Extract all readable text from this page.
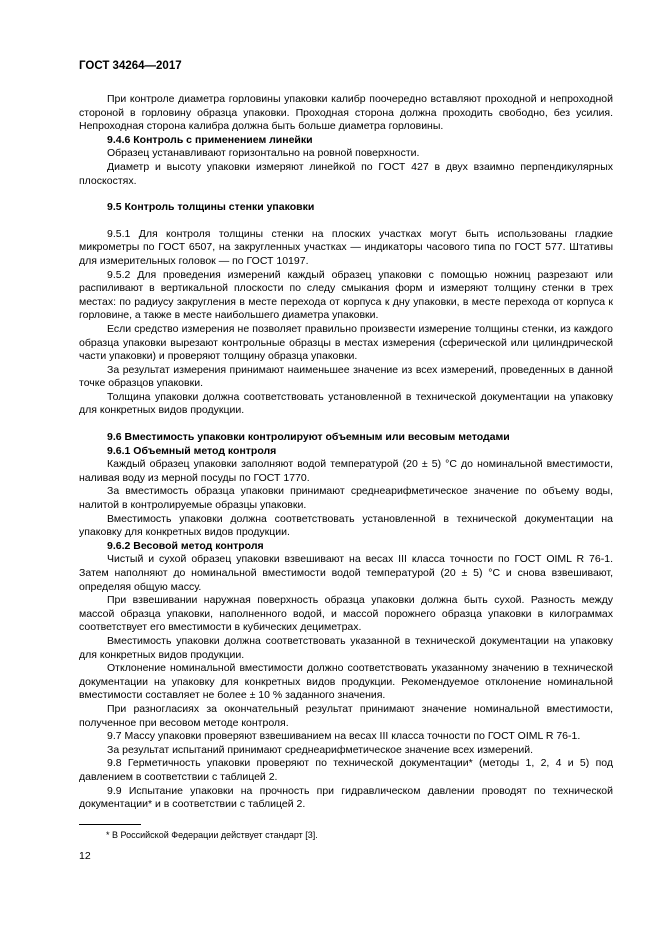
ГОСТ 34264—2017

При контроле диаметра горловины упаковки калибр поочередно вставляют проходной и непроходной стороной в горловину образца упаковки. Проходная сторона должна проходить свободно, без усилия. Непроходная сторона калибра должна быть больше диаметра горловины.

9.4.6 Контроль с применением линейки

Образец устанавливают горизонтально на ровной поверхности.

Диаметр и высоту упаковки измеряют линейкой по ГОСТ 427 в двух взаимно перпендикулярных плоскостях.

9.5 Контроль толщины стенки упаковки

9.5.1 Для контроля толщины стенки на плоских участках могут быть использованы гладкие микрометры по ГОСТ 6507, на закругленных участках — индикаторы часового типа по ГОСТ 577. Штативы для измерительных головок — по ГОСТ 10197.

9.5.2 Для проведения измерений каждый образец упаковки с помощью ножниц разрезают или распиливают в вертикальной плоскости по следу смыкания форм и измеряют толщину стенки в трех местах: по радиусу закругления в месте перехода от корпуса к дну упаковки, в месте перехода от корпуса к горловине, а также в месте наибольшего диаметра упаковки.

Если средство измерения не позволяет правильно произвести измерение толщины стенки, из каждого образца упаковки вырезают контрольные образцы в местах измерения (сферической или цилиндрической части упаковки) и проверяют толщину образца упаковки.

За результат измерения принимают наименьшее значение из всех измерений, проведенных в данной точке образцов упаковки.

Толщина упаковки должна соответствовать установленной в технической документации на упаковку для конкретных видов продукции.

9.6 Вместимость упаковки контролируют объемным или весовым методами

9.6.1 Объемный метод контроля

Каждый образец упаковки заполняют водой температурой (20 ± 5) °С до номинальной вместимости, наливая воду из мерной посуды по ГОСТ 1770.

За вместимость образца упаковки принимают среднеарифметическое значение по объему воды, налитой в контролируемые образцы упаковки.

Вместимость упаковки должна соответствовать установленной в технической документации на упаковку для конкретных видов продукции.

9.6.2 Весовой метод контроля

Чистый и сухой образец упаковки взвешивают на весах III класса точности по ГОСТ OIML R 76-1. Затем наполняют до номинальной вместимости водой температурой (20 ± 5) °С и снова взвешивают, определяя общую массу.

При взвешивании наружная поверхность образца упаковки должна быть сухой. Разность между массой образца упаковки, наполненного водой, и массой порожнего образца упаковки в килограммах соответствует его вместимости в кубических дециметрах.

Вместимость упаковки должна соответствовать указанной в технической документации на упаковку для конкретных видов продукции.

Отклонение номинальной вместимости должно соответствовать указанному значению в технической документации на упаковку для конкретных видов продукции. Рекомендуемое отклонение номинальной вместимости составляет не более ± 10 % заданного значения.

При разногласиях за окончательный результат принимают значение номинальной вместимости, полученное при весовом методе контроля.

9.7 Массу упаковки проверяют взвешиванием на весах III класса точности по ГОСТ OIML R 76-1.

За результат испытаний принимают среднеарифметическое значение всех измерений.

9.8 Герметичность упаковки проверяют по технической документации* (методы 1, 2, 4 и 5) под давлением в соответствии с таблицей 2.

9.9 Испытание упаковки на прочность при гидравлическом давлении проводят по технической документации* и в соответствии с таблицей 2.

* В Российской Федерации действует стандарт [3].
12
